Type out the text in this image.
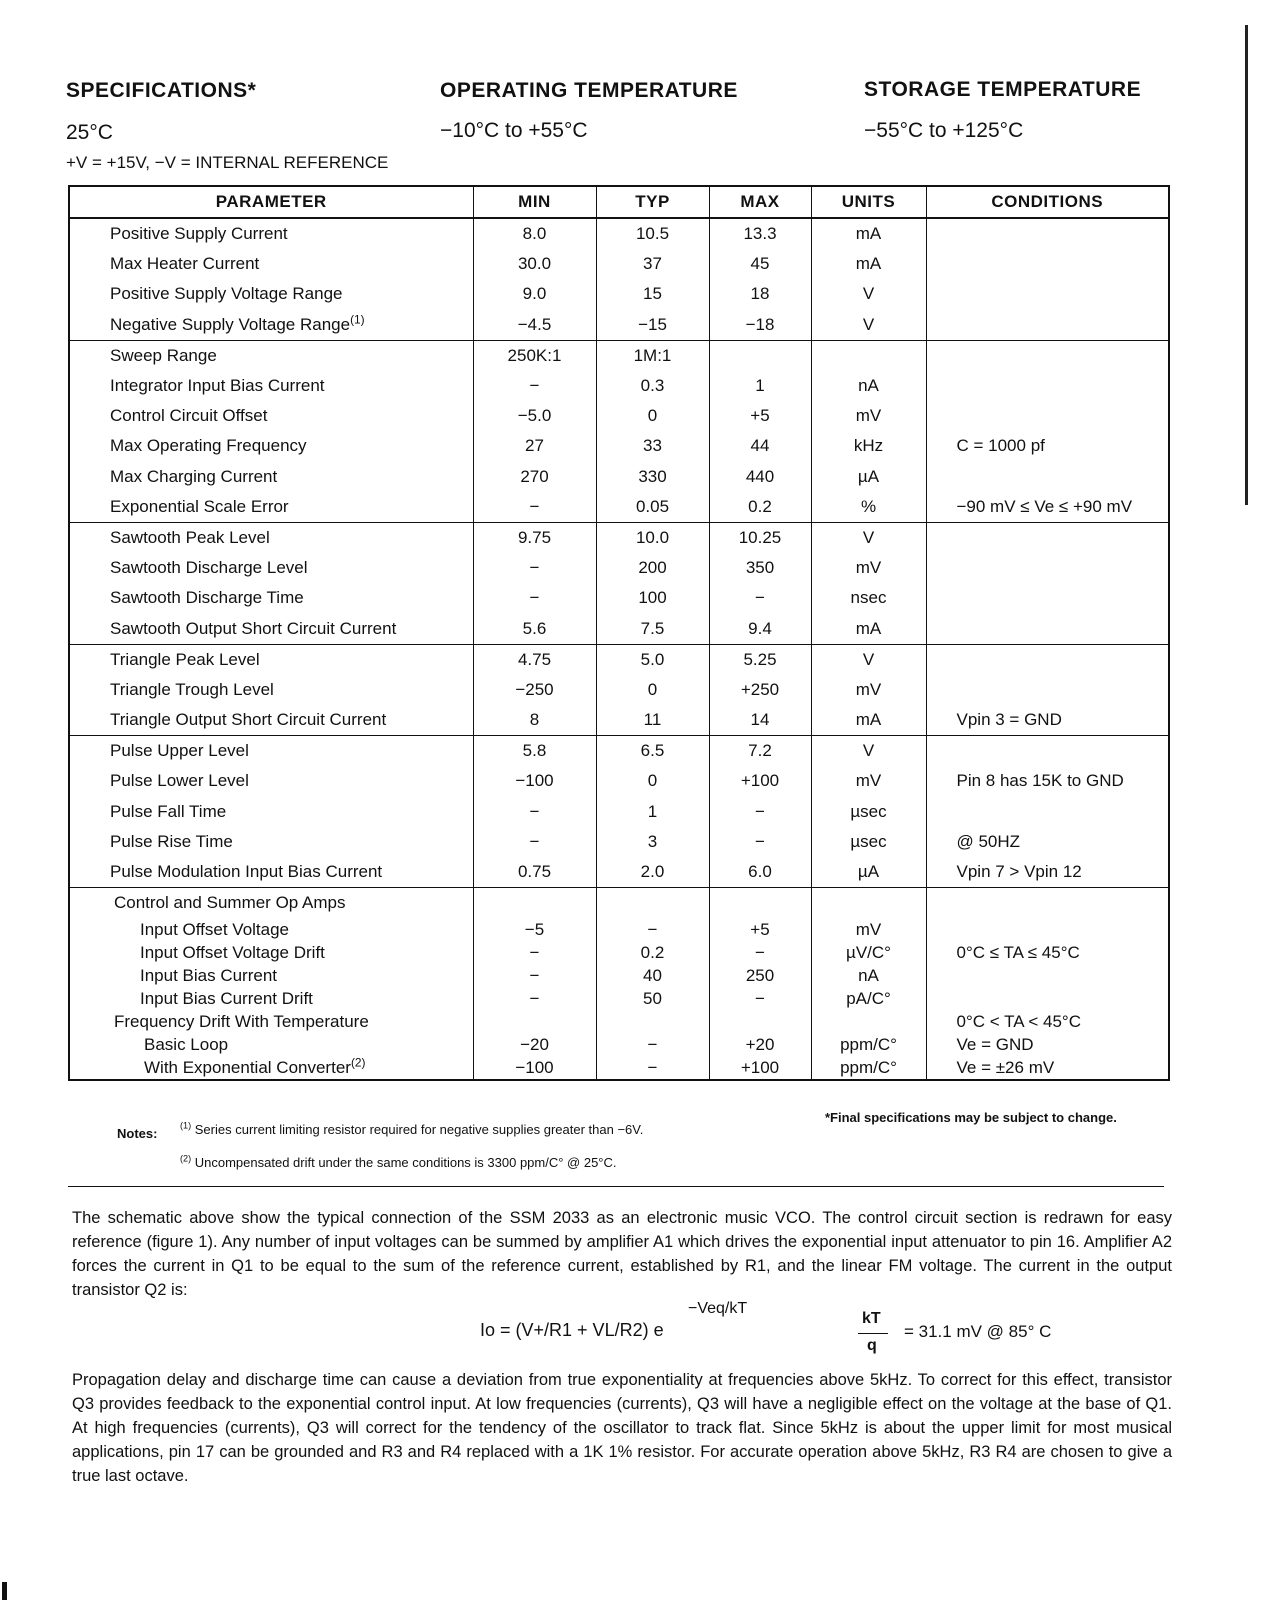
SPECIFICATIONS*
25°C
+V = +15V, −V = INTERNAL REFERENCE
OPERATING TEMPERATURE
−10°C to +55°C
STORAGE TEMPERATURE
−55°C to +125°C
PARAMETER	MIN	TYP	MAX	UNITS	CONDITIONS
Positive Supply Current	8.0	10.5	13.3	mA	
Max Heater Current	30.0	37	45	mA	
Positive Supply Voltage Range	9.0	15	18	V	
Negative Supply Voltage Range$^{(1)}$	−4.5	−15	−18	V	
Sweep Range	250K:1	1M:1			
Integrator Input Bias Current	−	0.3	1	nA	
Control Circuit Offset	−5.0	0	+5	mV	
Max Operating Frequency	27	33	44	kHz	C = 1000 pf
Max Charging Current	270	330	440	µA	
Exponential Scale Error	−	0.05	0.2	%	−90 mV ≤ Ve ≤ +90 mV
Sawtooth Peak Level	9.75	10.0	10.25	V	
Sawtooth Discharge Level	−	200	350	mV	
Sawtooth Discharge Time	−	100	−	nsec	
Sawtooth Output Short Circuit Current	5.6	7.5	9.4	mA	
Triangle Peak Level	4.75	5.0	5.25	V	
Triangle Trough Level	−250	0	+250	mV	
Triangle Output Short Circuit Current	8	11	14	mA	Vpin 3 = GND
Pulse Upper Level	5.8	6.5	7.2	V	
Pulse Lower Level	−100	0	+100	mV	Pin 8 has 15K to GND
Pulse Fall Time	−	1	−	µsec	
Pulse Rise Time	−	3	−	µsec	@ 50HZ
Pulse Modulation Input Bias Current	0.75	2.0	6.0	µA	Vpin 7 > Vpin 12
Control and Summer Op Amps					
Input Offset Voltage	−5	−	+5	mV	
Input Offset Voltage Drift	−	0.2	−	µV/C°	0°C ≤ TA ≤ 45°C
Input Bias Current	−	40	250	nA	
Input Bias Current Drift	−	50	−	pA/C°	
Frequency Drift With Temperature					0°C < TA < 45°C
Basic Loop	−20	−	+20	ppm/C°	Ve = GND
With Exponential Converter$^{(2)}$	−100	−	+100	ppm/C°	Ve = ±26 mV
Notes:
$^{(1)}$ Series current limiting resistor required for negative supplies greater than −6V.
$^{(2)}$ Uncompensated drift under the same conditions is 3300 ppm/C° @ 25°C.
*Final specifications may be subject to change.
The schematic above show the typical connection of the SSM 2033 as an electronic music VCO. The control circuit section is redrawn for easy reference (figure 1). Any number of input voltages can be summed by amplifier A1 which drives the exponential input attenuator to pin 16. Amplifier A2 forces the current in Q1 to be equal to the sum of the reference current, established by R1, and the linear FM voltage. The current in the output transistor Q2 is:
Io = (V+/R1 + VL/R2) e
−Veq/kT
kT
q
= 31.1 mV @ 85° C
Propagation delay and discharge time can cause a deviation from true exponentiality at frequencies above 5kHz. To correct for this effect, transistor Q3 provides feedback to the exponential control input. At low frequencies (currents), Q3 will have a negligible effect on the voltage at the base of Q1. At high frequencies (currents), Q3 will correct for the tendency of the oscillator to track flat. Since 5kHz is about the upper limit for most musical applications, pin 17 can be grounded and R3 and R4 replaced with a 1K 1% resistor. For accurate operation above 5kHz, R3 R4 are chosen to give a true last octave.
